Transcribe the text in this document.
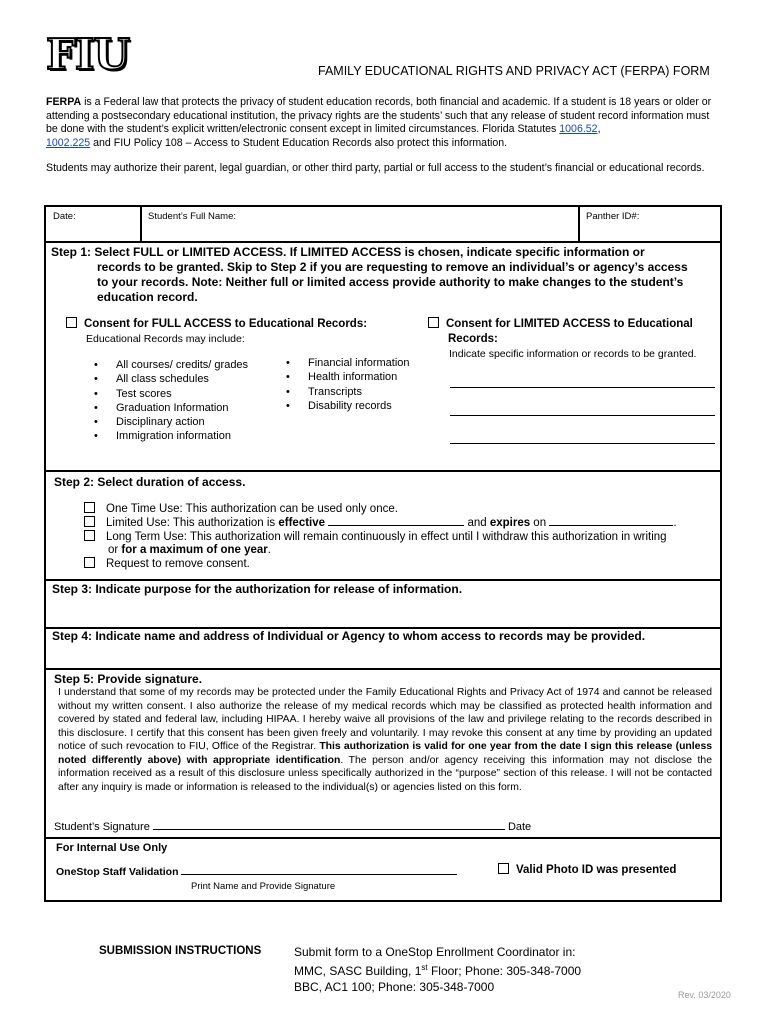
FIU	FAMILY EDUCATIONAL RIGHTS AND PRIVACY ACT (FERPA) FORM
FERPA is a Federal law that protects the privacy of student education records, both financial and academic. If a student is 18 years or older or attending a postsecondary educational institution, the privacy rights are the students’ such that any release of student record information must be done with the student’s explicit written/electronic consent except in limited circumstances. Florida Statutes 1006.52,
1002.225 and FIU Policy 108 – Access to Student Education Records also protect this information.
Students may authorize their parent, legal guardian, or other third party, partial or full access to the student’s financial or educational records.
Date:	Student’s Full Name:	Panther ID#:
Step 1: Select FULL or LIMITED ACCESS. If LIMITED ACCESS is chosen, indicate specific information or
records to be granted. Skip to Step 2 if you are requesting to remove an individual’s or agency’s access
to your records. Note: Neither full or limited access provide authority to make changes to the student’s
education record.
Consent for FULL ACCESS to Educational Records:
Educational Records may include:
Consent for LIMITED ACCESS to Educational
Records:
Indicate specific information or records to be granted.
• All courses/ credits/ grades
• All class schedules
• Test scores
• Graduation Information
• Disciplinary action
• Immigration information
• Financial information
• Health information
• Transcripts
• Disability records
Step 2: Select duration of access.
One Time Use: This authorization can be used only once.
Limited Use: This authorization is effective	and expires on	.
Long Term Use: This authorization will remain continuously in effect until I withdraw this authorization in writing
or for a maximum of one year.
Request to remove consent.
Step 3: Indicate purpose for the authorization for release of information.
Step 4: Indicate name and address of Individual or Agency to whom access to records may be provided.
Step 5: Provide signature.
I understand that some of my records may be protected under the Family Educational Rights and Privacy Act of 1974 and cannot be released without my written consent. I also authorize the release of my medical records which may be classified as protected health information and covered by stated and federal law, including HIPAA. I hereby waive all provisions of the law and privilege relating to the records described in this disclosure. I certify that this consent has been given freely and voluntarily. I may revoke this consent at any time by providing an updated notice of such revocation to FIU, Office of the Registrar. This authorization is valid for one year from the date I sign this release (unless noted differently above) with appropriate identification. The person and/or agency receiving this information may not disclose the information received as a result of this disclosure unless specifically authorized in the “purpose” section of this release. I will not be contacted after any inquiry is made or information is released to the individual(s) or agencies listed on this form.
Student’s Signature	Date
For Internal Use Only
OneStop Staff Validation
Print Name and Provide Signature
Valid Photo ID was presented
SUBMISSION INSTRUCTIONS	Submit form to a OneStop Enrollment Coordinator in:
MMC, SASC Building, 1st Floor; Phone: 305-348-7000
BBC, AC1 100; Phone: 305-348-7000
Rev. 03/2020
